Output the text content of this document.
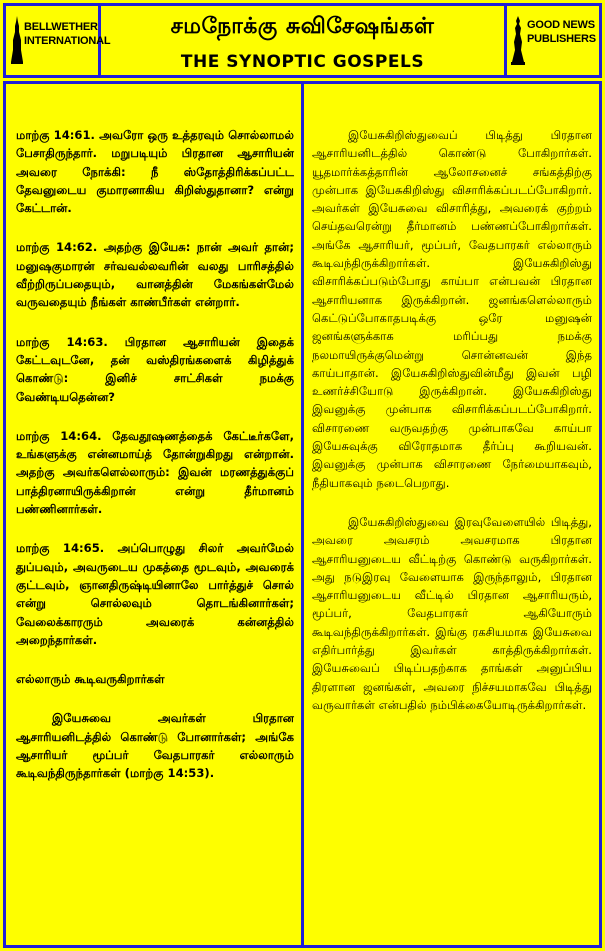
BELLWETHER
INTERNATIONAL
சமநோக்கு சுவிசேஷங்கள்
THE SYNOPTIC GOSPELS
GOOD NEWS
PUBLISHERS

மாற்கு 14:61. அவரோ ஒரு உத்தரவும் சொல்லாமல் பேசாதிருந்தார். மறுபடியும் பிரதான ஆசாரியன் அவரை நோக்கி: நீ ஸ்தோத்திரிக்கப்பட்ட தேவனுடைய குமாரனாகிய கிறிஸ்துதானா? என்று கேட்டான்.

மாற்கு 14:62. அதற்கு இயேசு: நான் அவர் தான்; மனுஷகுமாரன் சர்வவல்லவரின் வலது பாரிசத்தில் வீற்றிருப்பதையும், வானத்தின் மேகங்கள்மேல் வருவதையும் நீங்கள் காண்பீர்கள் என்றார்.

மாற்கு 14:63. பிரதான ஆசாரியன் இதைக் கேட்டவுடனே, தன் வஸ்திரங்களைக் கிழித்துக் கொண்டு: இனிச் சாட்சிகள் நமக்கு வேண்டியதென்ன?

மாற்கு 14:64. தேவதூஷணத்தைக் கேட்டீர்களே, உங்களுக்கு என்னமாய்த் தோன்றுகிறது என்றான். அதற்கு அவர்களெல்லாரும்: இவன் மரணத்துக்குப் பாத்திரனாயிருக்கிறான் என்று தீர்மானம் பண்ணினார்கள்.

மாற்கு 14:65. அப்பொழுது சிலர் அவர்மேல் துப்பவும், அவருடைய முகத்தை மூடவும், அவரைக் குட்டவும், ஞானதிருஷ்டியினாலே பார்த்துச் சொல் என்று சொல்லவும் தொடங்கினார்கள்; வேலைக்காரரும் அவரைக் கன்னத்தில் அறைந்தார்கள்.

எல்லாரும் கூடிவருகிறார்கள்

இயேசுவை அவர்கள் பிரதான ஆசாரியனிடத்தில் கொண்டு போனார்கள்; அங்கே ஆசாரியர் மூப்பர் வேதபாரகர் எல்லாரும் கூடிவந்திருந்தார்கள் (மாற்கு 14:53).

இயேசுகிறிஸ்துவைப் பிடித்து பிரதான ஆசாரியனிடத்தில் கொண்டு போகிறார்கள். யூதமார்க்கத்தாரின் ஆலோசனைச் சங்கத்திற்கு முன்பாக இயேசுகிறிஸ்து விசாரிக்கப்படப்போகிறார். அவர்கள் இயேசுவை விசாரித்து, அவரைக் குற்றம் செய்தவரென்று தீர்மானம் பண்ணப்போகிறார்கள். அங்கே ஆசாரியர், மூப்பர், வேதபாரகர் எல்லாரும் கூடிவந்திருக்கிறார்கள். இயேசுகிறிஸ்து விசாரிக்கப்படும்போது காய்பா என்பவன் பிரதான ஆசாரியனாக இருக்கிறான். ஜனங்களெல்லாரும் கெட்டுப்போகாதபடிக்கு ஒரே மனுஷன் ஜனங்களுக்காக மரிப்பது நமக்கு நலமாயிருக்குமென்று சொன்னவன் இந்த காய்பாதான். இயேசுகிறிஸ்துவின்மீது இவன் பழி உணர்ச்சியோடு இருக்கிறான். இயேசுகிறிஸ்து இவனுக்கு முன்பாக விசாரிக்கப்படப்போகிறார். விசாரணை வருவதற்கு முன்பாகவே காய்பா இயேசுவுக்கு விரோதமாக தீர்ப்பு கூறியவன். இவனுக்கு முன்பாக விசாரணை நேர்மையாகவும், நீதியாகவும் நடைபெறாது.

இயேசுகிறிஸ்துவை இரவுவேளையில் பிடித்து, அவரை அவசரம் அவசரமாக பிரதான ஆசாரியனுடைய வீட்டிற்கு கொண்டு வருகிறார்கள். அது நடுஇரவு வேளையாக இருந்தாலும், பிரதான ஆசாரியனுடைய வீட்டில் பிரதான ஆசாரியரும், மூப்பர், வேதபாரகர் ஆகியோரும் கூடிவந்திருக்கிறார்கள். இங்கு ரகசியமாக இயேசுவை எதிர்பார்த்து இவர்கள் காத்திருக்கிறார்கள். இயேசுவைப் பிடிப்பதற்காக தாங்கள் அனுப்பிய திரளான ஜனங்கள், அவரை நிச்சயமாகவே பிடித்து வருவார்கள் என்பதில் நம்பிக்கையோடிருக்கிறார்கள்.
